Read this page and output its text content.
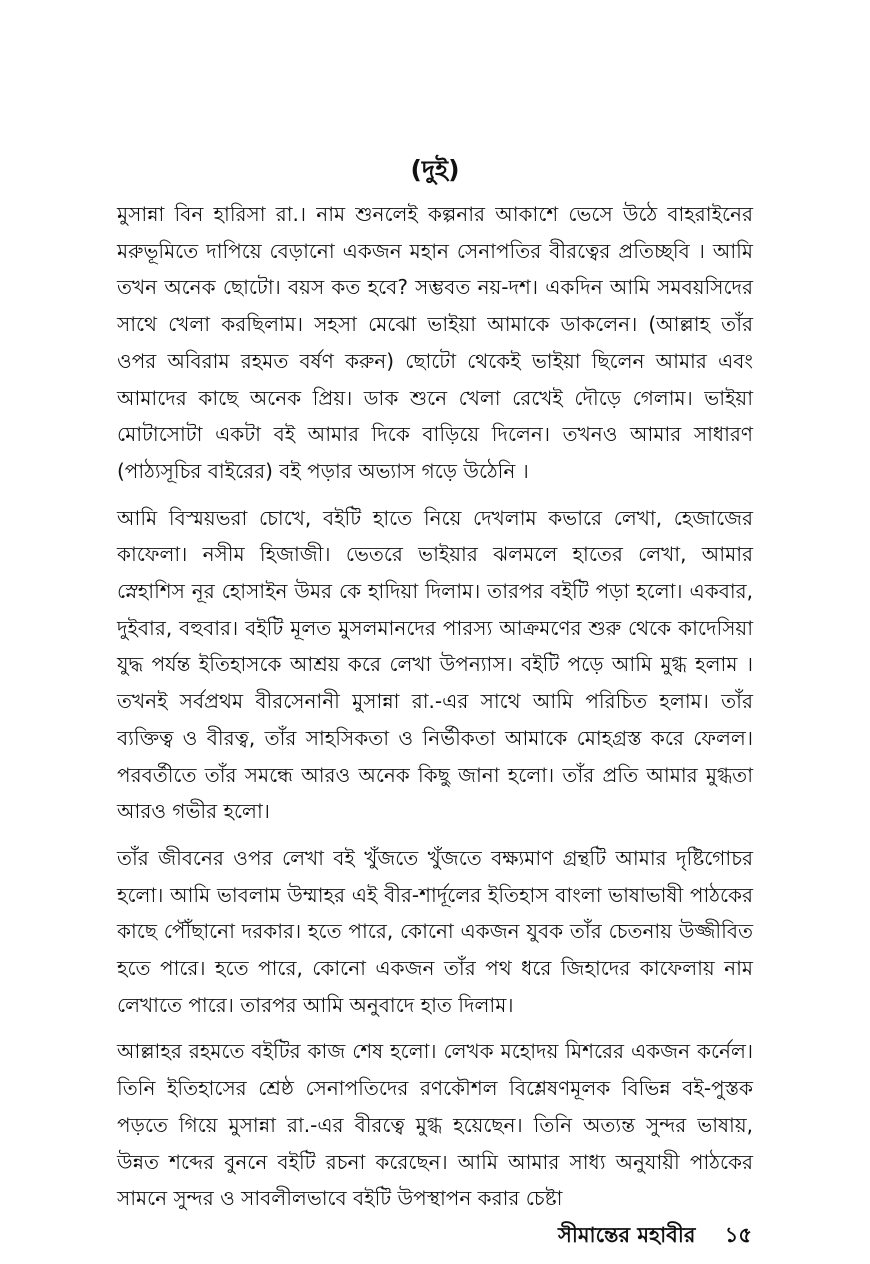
(দুই)

মুসান্না বিন হারিসা রা.। নাম শুনলেই কল্পনার আকাশে ভেসে উঠে বাহরাইনের মরুভূমিতে দাপিয়ে বেড়ানো একজন মহান সেনাপতির বীরত্বের প্রতিচ্ছবি । আমি তখন অনেক ছোটো। বয়স কত হবে? সম্ভবত নয়-দশ। একদিন আমি সমবয়সিদের সাথে খেলা করছিলাম। সহসা মেঝো ভাইয়া আমাকে ডাকলেন। (আল্লাহ তাঁর ওপর অবিরাম রহমত বর্ষণ করুন) ছোটো থেকেই ভাইয়া ছিলেন আমার এবং আমাদের কাছে অনেক প্রিয়। ডাক শুনে খেলা রেখেই দৌড়ে গেলাম। ভাইয়া মোটাসোটা একটা বই আমার দিকে বাড়িয়ে দিলেন। তখনও আমার সাধারণ (পাঠ্যসূচির বাইরের) বই পড়ার অভ্যাস গড়ে উঠেনি ।

আমি বিস্ময়ভরা চোখে, বইটি হাতে নিয়ে দেখলাম কভারে লেখা, হেজাজের কাফেলা। নসীম হিজাজী। ভেতরে ভাইয়ার ঝলমলে হাতের লেখা, আমার স্নেহাশিস নূর হোসাইন উমর কে হাদিয়া দিলাম। তারপর বইটি পড়া হলো। একবার, দুইবার, বহুবার। বইটি মূলত মুসলমানদের পারস্য আক্রমণের শুরু থেকে কাদেসিয়া যুদ্ধ পর্যন্ত ইতিহাসকে আশ্রয় করে লেখা উপন্যাস। বইটি পড়ে আমি মুগ্ধ হলাম । তখনই সর্বপ্রথম বীরসেনানী মুসান্না রা.-এর সাথে আমি পরিচিত হলাম। তাঁর ব্যক্তিত্ব ও বীরত্ব, তাঁর সাহসিকতা ও নির্ভীকতা আমাকে মোহগ্রস্ত করে ফেলল। পরবর্তীতে তাঁর সমন্ধে আরও অনেক কিছু জানা হলো। তাঁর প্রতি আমার মুগ্ধতা আরও গভীর হলো।

তাঁর জীবনের ওপর লেখা বই খুঁজতে খুঁজতে বক্ষ্যমাণ গ্রন্থটি আমার দৃষ্টিগোচর হলো। আমি ভাবলাম উম্মাহর এই বীর-শার্দূলের ইতিহাস বাংলা ভাষাভাষী পাঠকের কাছে পৌঁছানো দরকার। হতে পারে, কোনো একজন যুবক তাঁর চেতনায় উজ্জীবিত হতে পারে। হতে পারে, কোনো একজন তাঁর পথ ধরে জিহাদের কাফেলায় নাম লেখাতে পারে। তারপর আমি অনুবাদে হাত দিলাম।

আল্লাহর রহমতে বইটির কাজ শেষ হলো। লেখক মহোদয় মিশরের একজন কর্নেল। তিনি ইতিহাসের শ্রেষ্ঠ সেনাপতিদের রণকৌশল বিশ্লেষণমূলক বিভিন্ন বই-পুস্তক পড়তে গিয়ে মুসান্না রা.-এর বীরত্বে মুগ্ধ হয়েছেন। তিনি অত্যন্ত সুন্দর ভাষায়, উন্নত শব্দের বুননে বইটি রচনা করেছেন। আমি আমার সাধ্য অনুযায়ী পাঠকের সামনে সুন্দর ও সাবলীলভাবে বইটি উপস্থাপন করার চেষ্টা

সীমান্তের মহাবীর ১৫
